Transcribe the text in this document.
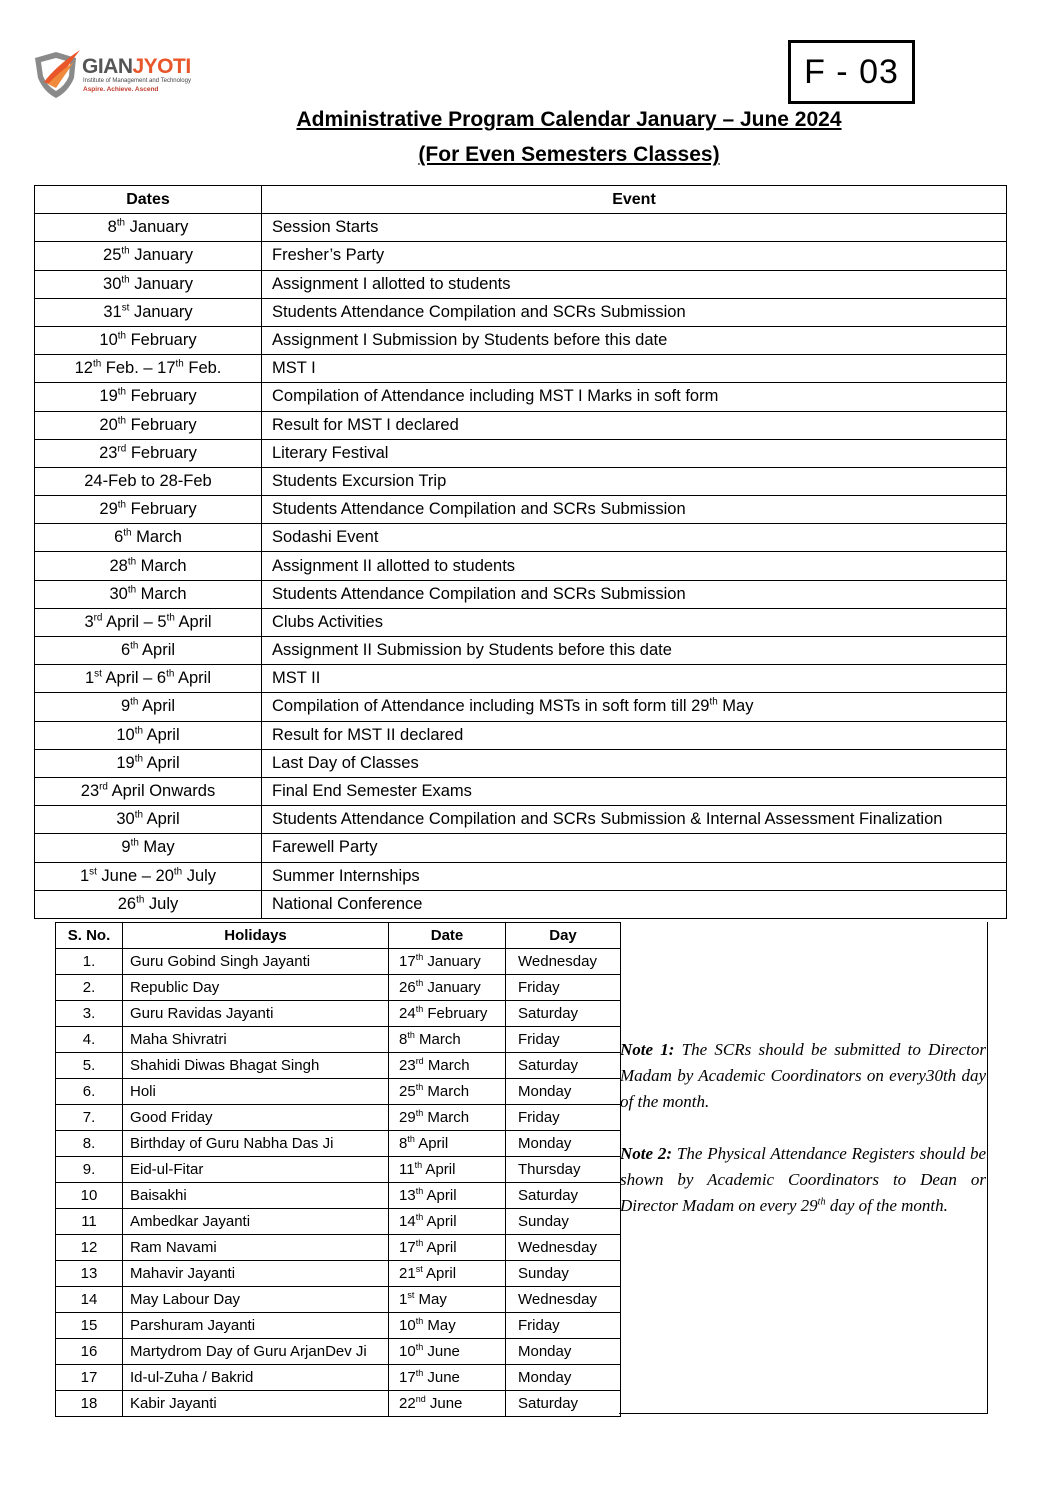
GIANJYOTI
Institute of Management and Technology
Aspire. Achieve. Ascend	F - 03
Administrative Program Calendar January – June 2024
(For Even Semesters Classes)
Dates	Event
8th January	Session Starts
25th January	Fresher’s Party
30th January	Assignment I allotted to students
31st January	Students Attendance Compilation and SCRs Submission
10th February	Assignment I Submission by Students before this date
12th Feb. – 17th Feb.	MST I
19th February	Compilation of Attendance including MST I Marks in soft form
20th February	Result for MST I declared
23rd February	Literary Festival
24-Feb to 28-Feb	Students Excursion Trip
29th February	Students Attendance Compilation and SCRs Submission
6th March	Sodashi Event
28th March	Assignment II allotted to students
30th March	Students Attendance Compilation and SCRs Submission
3rd April – 5th April	Clubs Activities
6th April	Assignment II Submission by Students before this date
1st April – 6th April	MST II
9th April	Compilation of Attendance including MSTs in soft form till 29th May
10th April	Result for MST II declared
19th April	Last Day of Classes
23rd April Onwards	Final End Semester Exams
30th April	Students Attendance Compilation and SCRs Submission & Internal Assessment Finalization
9th May	Farewell Party
1st June – 20th July	Summer Internships
26th July	National Conference
S. No.	Holidays	Date	Day
1.	Guru Gobind Singh Jayanti	17th January	Wednesday
2.	Republic Day	26th January	Friday
3.	Guru Ravidas Jayanti	24th February	Saturday
4.	Maha Shivratri	8th March	Friday
5.	Shahidi Diwas Bhagat Singh	23rd March	Saturday
6.	Holi	25th March	Monday
7.	Good Friday	29th March	Friday
8.	Birthday of Guru Nabha Das Ji	8th April	Monday
9.	Eid-ul-Fitar	11th April	Thursday
10	Baisakhi	13th April	Saturday
11	Ambedkar Jayanti	14th April	Sunday
12	Ram Navami	17th April	Wednesday
13	Mahavir Jayanti	21st April	Sunday
14	May Labour Day	1st May	Wednesday
15	Parshuram Jayanti	10th May	Friday
16	Martydrom Day of Guru ArjanDev Ji	10th June	Monday
17	Id-ul-Zuha / Bakrid	17th June	Monday
18	Kabir Jayanti	22nd June	Saturday

Note 1: The SCRs should be submitted to Director Madam by Academic Coordinators on every30th day of the month.

Note 2: The Physical Attendance Registers should be shown by Academic Coordinators to Dean or Director Madam on every 29th day of the month.
